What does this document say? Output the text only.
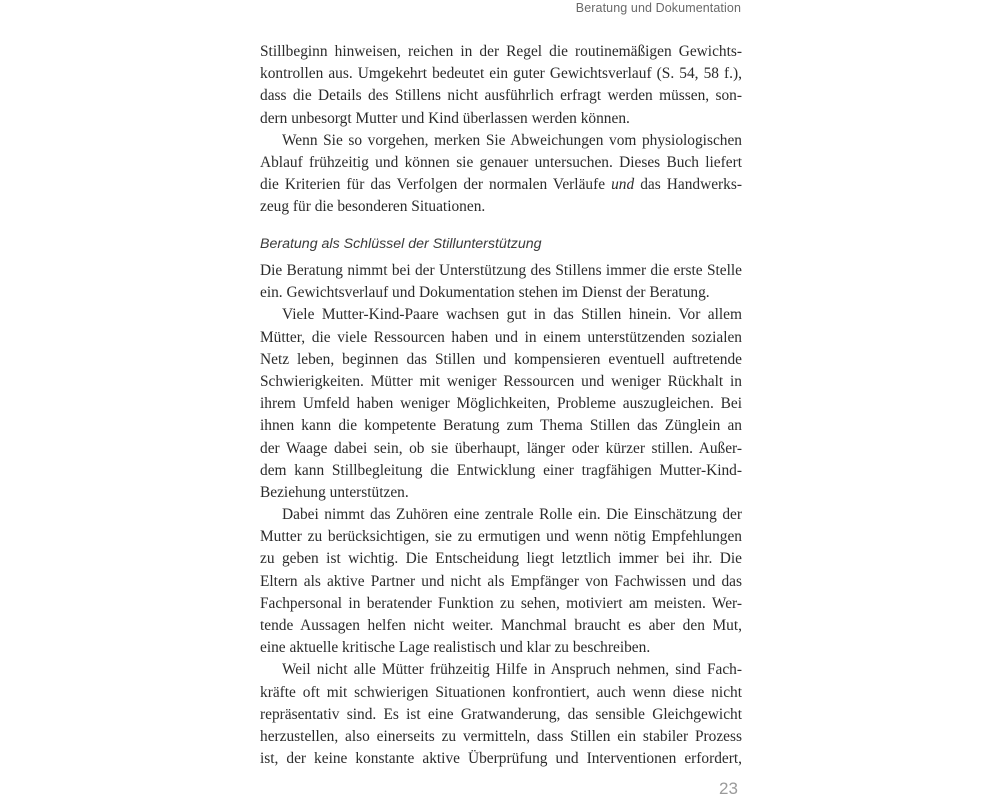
Beratung und Dokumentation
Stillbeginn hinweisen, reichen in der Regel die routinemäßigen Gewichts-
kontrollen aus. Umgekehrt bedeutet ein guter Gewichtsverlauf (S. 54, 58 f.),
dass die Details des Stillens nicht ausführlich erfragt werden müssen, son-
dern unbesorgt Mutter und Kind überlassen werden können.
Wenn Sie so vorgehen, merken Sie Abweichungen vom physiologischen
Ablauf frühzeitig und können sie genauer untersuchen. Dieses Buch liefert
die Kriterien für das Verfolgen der normalen Verläufe und das Handwerks-
zeug für die besonderen Situationen.
Beratung als Schlüssel der Stillunterstützung
Die Beratung nimmt bei der Unterstützung des Stillens immer die erste Stelle
ein. Gewichtsverlauf und Dokumentation stehen im Dienst der Beratung.
Viele Mutter-Kind-Paare wachsen gut in das Stillen hinein. Vor allem
Mütter, die viele Ressourcen haben und in einem unterstützenden sozialen
Netz leben, beginnen das Stillen und kompensieren eventuell auftretende
Schwierigkeiten. Mütter mit weniger Ressourcen und weniger Rückhalt in
ihrem Umfeld haben weniger Möglichkeiten, Probleme auszugleichen. Bei
ihnen kann die kompetente Beratung zum Thema Stillen das Zünglein an
der Waage dabei sein, ob sie überhaupt, länger oder kürzer stillen. Außer-
dem kann Stillbegleitung die Entwicklung einer tragfähigen Mutter-Kind-
Beziehung unterstützen.
Dabei nimmt das Zuhören eine zentrale Rolle ein. Die Einschätzung der
Mutter zu berücksichtigen, sie zu ermutigen und wenn nötig Empfehlungen
zu geben ist wichtig. Die Entscheidung liegt letztlich immer bei ihr. Die
Eltern als aktive Partner und nicht als Empfänger von Fachwissen und das
Fachpersonal in beratender Funktion zu sehen, motiviert am meisten. Wer-
tende Aussagen helfen nicht weiter. Manchmal braucht es aber den Mut,
eine aktuelle kritische Lage realistisch und klar zu beschreiben.
Weil nicht alle Mütter frühzeitig Hilfe in Anspruch nehmen, sind Fach-
kräfte oft mit schwierigen Situationen konfrontiert, auch wenn diese nicht
repräsentativ sind. Es ist eine Gratwanderung, das sensible Gleichgewicht
herzustellen, also einerseits zu vermitteln, dass Stillen ein stabiler Prozess
ist, der keine konstante aktive Überprüfung und Interventionen erfordert,
23
